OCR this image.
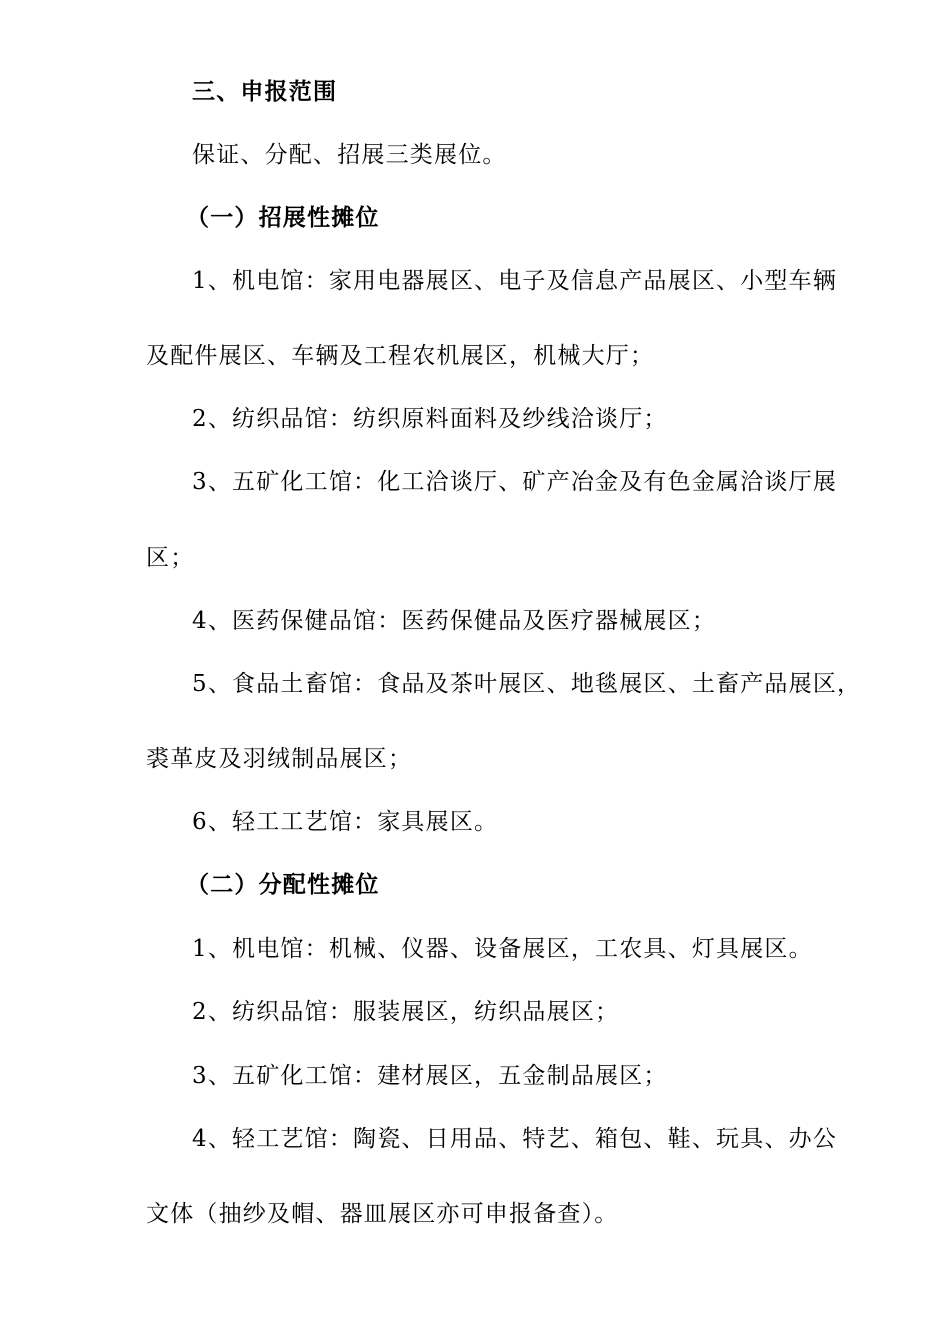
三、申报范围
保证、分配、招展三类展位。
（一）招展性摊位
1、机电馆：家用电器展区、电子及信息产品展区、小型车辆
及配件展区、车辆及工程农机展区，机械大厅；
2、纺织品馆：纺织原料面料及纱线洽谈厅；
3、五矿化工馆：化工洽谈厅、矿产冶金及有色金属洽谈厅展
区；
4、医药保健品馆：医药保健品及医疗器械展区；
5、食品土畜馆：食品及茶叶展区、地毯展区、土畜产品展区，
裘革皮及羽绒制品展区；
6、轻工工艺馆：家具展区。
（二）分配性摊位
1、机电馆：机械、仪器、设备展区，工农具、灯具展区。
2、纺织品馆：服装展区，纺织品展区；
3、五矿化工馆：建材展区，五金制品展区；
4、轻工艺馆：陶瓷、日用品、特艺、箱包、鞋、玩具、办公
文体（抽纱及帽、器皿展区亦可申报备查）。
